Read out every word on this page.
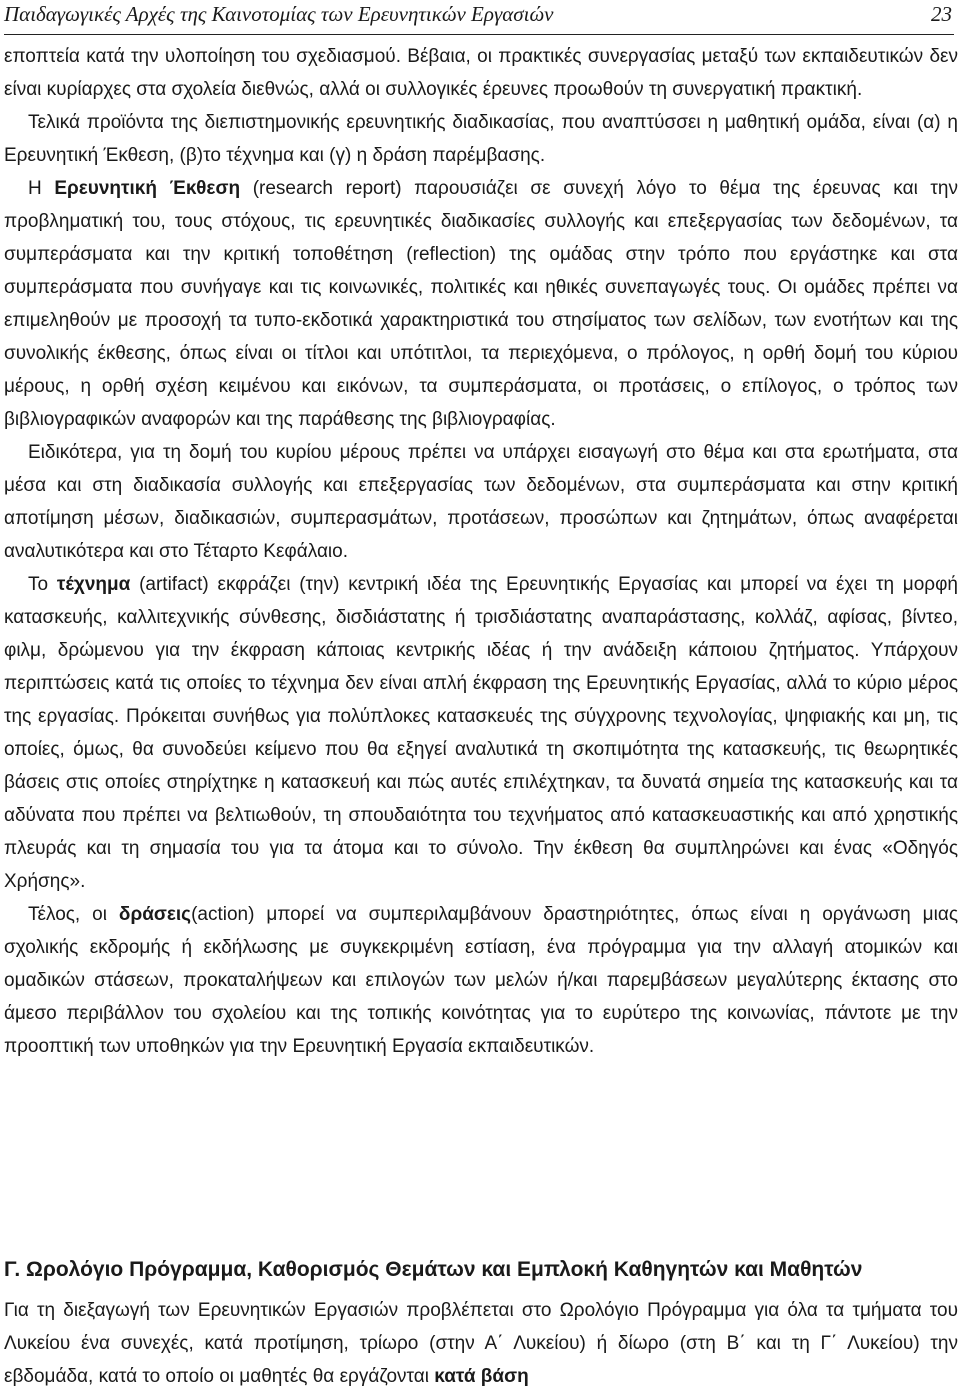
Παιδαγωγικές Αρχές της Καινοτομίας των Ερευνητικών Εργασιών	23

εποπτεία κατά την υλοποίηση του σχεδιασμού. Βέβαια, οι πρακτικές συνεργασίας μεταξύ των εκπαιδευτικών δεν είναι κυρίαρχες στα σχολεία διεθνώς, αλλά οι συλλογικές έρευνες προωθούν τη συνεργατική πρακτική.

Τελικά προϊόντα της διεπιστημονικής ερευνητικής διαδικασίας, που αναπτύσσει η μαθητική ομάδα, είναι (α) η Ερευνητική Έκθεση, (β)το τέχνημα και (γ) η δράση παρέμβασης.

Η Ερευνητική Έκθεση (research report) παρουσιάζει σε συνεχή λόγο το θέμα της έρευνας και την προβληματική του, τους στόχους, τις ερευνητικές διαδικασίες συλλογής και επεξεργασίας των δεδομένων, τα συμπεράσματα και την κριτική τοποθέτηση (reflection) της ομάδας στην τρόπο που εργάστηκε και στα συμπεράσματα που συνήγαγε και τις κοινωνικές, πολιτικές και ηθικές συνεπαγωγές τους. Οι ομάδες πρέπει να επιμεληθούν με προσοχή τα τυπο-εκδοτικά χαρακτηριστικά του στησίματος των σελίδων, των ενοτήτων και της συνολικής έκθεσης, όπως είναι οι τίτλοι και υπότιτλοι, τα περιεχόμενα, ο πρόλογος, η ορθή δομή του κύριου μέρους, η ορθή σχέση κειμένου και εικόνων, τα συμπεράσματα, οι προτάσεις, ο επίλογος, ο τρόπος των βιβλιογραφικών αναφορών και της παράθεσης της βιβλιογραφίας.

Ειδικότερα, για τη δομή του κυρίου μέρους πρέπει να υπάρχει εισαγωγή στο θέμα και στα ερωτήματα, στα μέσα και στη διαδικασία συλλογής και επεξεργασίας των δεδομένων, στα συμπεράσματα και στην κριτική αποτίμηση μέσων, διαδικασιών, συμπερασμάτων, προτάσεων, προσώπων και ζητημάτων, όπως αναφέρεται αναλυτικότερα και στο Τέταρτο Κεφάλαιο.

Το τέχνημα (artifact) εκφράζει (την) κεντρική ιδέα της Ερευνητικής Εργασίας και μπορεί να έχει τη μορφή κατασκευής, καλλιτεχνικής σύνθεσης, δισδιάστατης ή τρισδιάστατης αναπαράστασης, κολλάζ, αφίσας, βίντεο, φιλμ, δρώμενου για την έκφραση κάποιας κεντρικής ιδέας ή την ανάδειξη κάποιου ζητήματος. Υπάρχουν περιπτώσεις κατά τις οποίες το τέχνημα δεν είναι απλή έκφραση της Ερευνητικής Εργασίας, αλλά το κύριο μέρος της εργασίας. Πρόκειται συνήθως για πολύπλοκες κατασκευές της σύγχρονης τεχνολογίας, ψηφιακής και μη, τις οποίες, όμως, θα συνοδεύει κείμενο που θα εξηγεί αναλυτικά τη σκοπιμότητα της κατασκευής, τις θεωρητικές βάσεις στις οποίες στηρίχτηκε η κατασκευή και πώς αυτές επιλέχτηκαν, τα δυνατά σημεία της κατασκευής και τα αδύνατα που πρέπει να βελτιωθούν, τη σπουδαιότητα του τεχνήματος από κατασκευαστικής και από χρηστικής πλευράς και τη σημασία του για τα άτομα και το σύνολο. Την έκθεση θα συμπληρώνει και ένας «Οδηγός Χρήσης».

Τέλος, οι δράσεις(action) μπορεί να συμπεριλαμβάνουν δραστηριότητες, όπως είναι η οργάνωση μιας σχολικής εκδρομής ή εκδήλωσης με συγκεκριμένη εστίαση, ένα πρόγραμμα για την αλλαγή ατομικών και ομαδικών στάσεων, προκαταλήψεων και επιλογών των μελών ή/και παρεμβάσεων μεγαλύτερης έκτασης στο άμεσο περιβάλλον του σχολείου και της τοπικής κοινότητας για το ευρύτερο της κοινωνίας, πάντοτε με την προοπτική των υποθηκών για την Ερευνητική Εργασία εκπαιδευτικών.

Γ. Ωρολόγιο Πρόγραμμα, Καθορισμός Θεμάτων και Εμπλοκή Καθηγητών και Μαθητών

Για τη διεξαγωγή των Ερευνητικών Εργασιών προβλέπεται στο Ωρολόγιο Πρόγραμμα για όλα τα τμήματα του Λυκείου ένα συνεχές, κατά προτίμηση, τρίωρο (στην Α΄ Λυκείου) ή δίωρο (στη Β΄ και τη Γ΄ Λυκείου) την εβδομάδα, κατά το οποίο οι μαθητές θα εργάζονται κατά βάση
